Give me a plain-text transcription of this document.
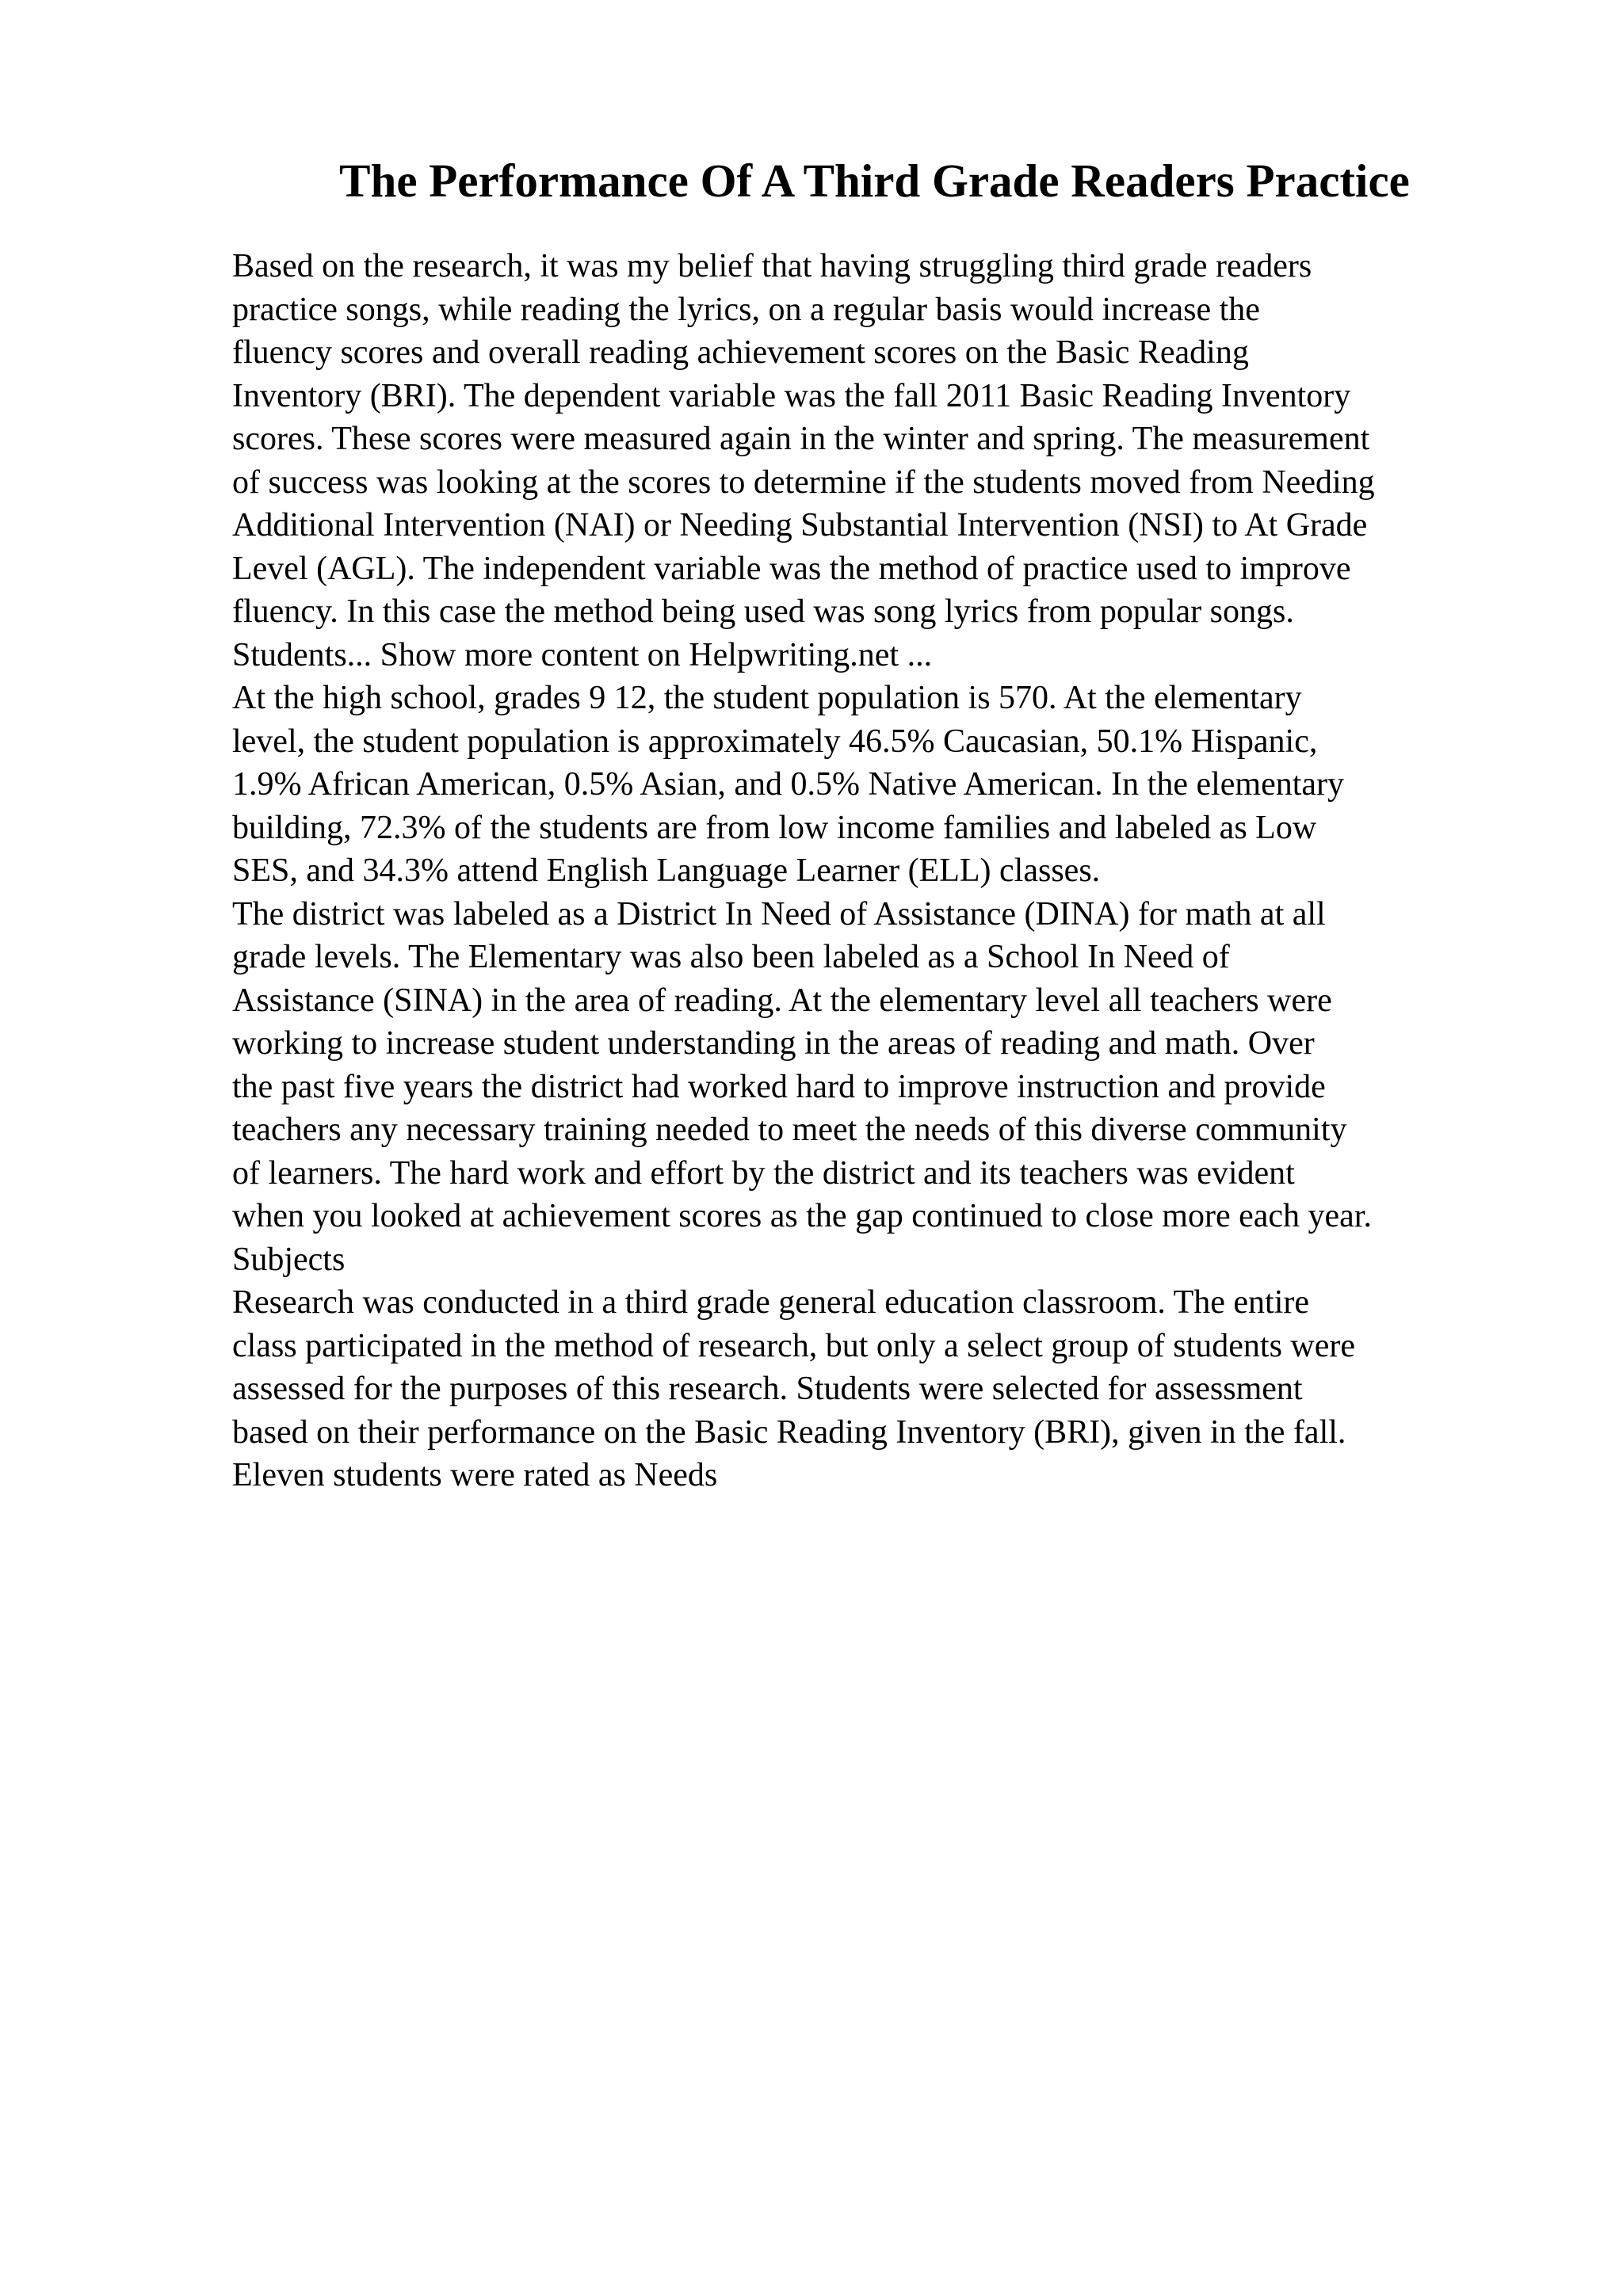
The Performance Of A Third Grade Readers Practice
Based on the research, it was my belief that having struggling third grade readers
practice songs, while reading the lyrics, on a regular basis would increase the
fluency scores and overall reading achievement scores on the Basic Reading
Inventory (BRI). The dependent variable was the fall 2011 Basic Reading Inventory
scores. These scores were measured again in the winter and spring. The measurement
of success was looking at the scores to determine if the students moved from Needing
Additional Intervention (NAI) or Needing Substantial Intervention (NSI) to At Grade
Level (AGL). The independent variable was the method of practice used to improve
fluency. In this case the method being used was song lyrics from popular songs.
Students... Show more content on Helpwriting.net ...
At the high school, grades 9 12, the student population is 570. At the elementary
level, the student population is approximately 46.5% Caucasian, 50.1% Hispanic,
1.9% African American, 0.5% Asian, and 0.5% Native American. In the elementary
building, 72.3% of the students are from low income families and labeled as Low
SES, and 34.3% attend English Language Learner (ELL) classes.
The district was labeled as a District In Need of Assistance (DINA) for math at all
grade levels. The Elementary was also been labeled as a School In Need of
Assistance (SINA) in the area of reading. At the elementary level all teachers were
working to increase student understanding in the areas of reading and math. Over
the past five years the district had worked hard to improve instruction and provide
teachers any necessary training needed to meet the needs of this diverse community
of learners. The hard work and effort by the district and its teachers was evident
when you looked at achievement scores as the gap continued to close more each year.
Subjects
Research was conducted in a third grade general education classroom. The entire
class participated in the method of research, but only a select group of students were
assessed for the purposes of this research. Students were selected for assessment
based on their performance on the Basic Reading Inventory (BRI), given in the fall.
Eleven students were rated as Needs
